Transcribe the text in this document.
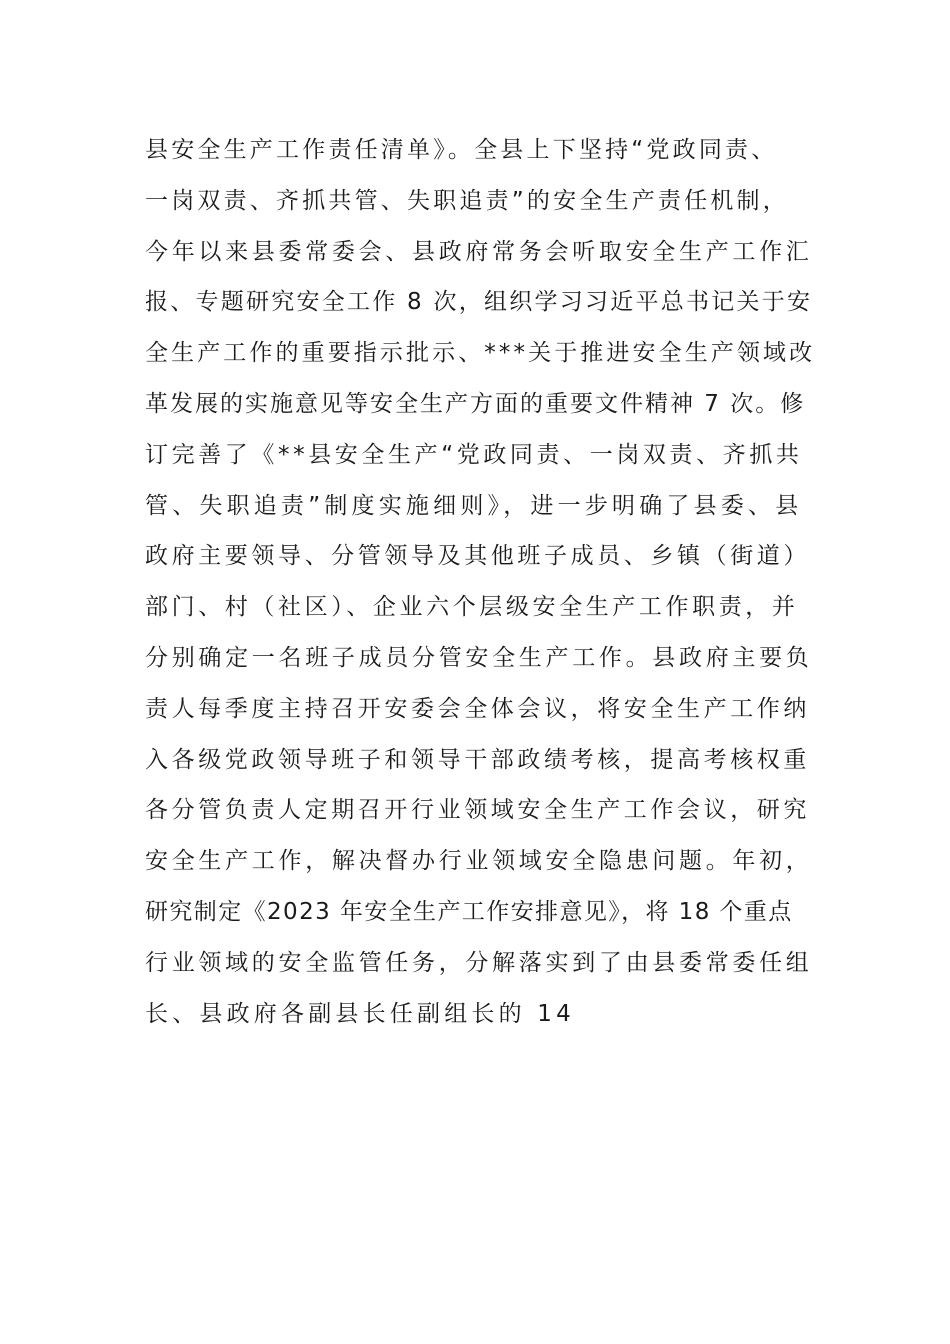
县安全生产工作责任清单》。全县上下坚持“党政同责、
一岗双责、齐抓共管、失职追责”的安全生产责任机制，
今年以来县委常委会、县政府常务会听取安全生产工作汇
报、专题研究安全工作 8 次，组织学习习近平总书记关于安
全生产工作的重要指示批示、***关于推进安全生产领域改
革发展的实施意见等安全生产方面的重要文件精神 7 次。修
订完善了《**县安全生产“党政同责、一岗双责、齐抓共
管、失职追责”制度实施细则》，进一步明确了县委、县
政府主要领导、分管领导及其他班子成员、乡镇（街道）
部门、村（社区）、企业六个层级安全生产工作职责，并
分别确定一名班子成员分管安全生产工作。县政府主要负
责人每季度主持召开安委会全体会议，将安全生产工作纳
入各级党政领导班子和领导干部政绩考核，提高考核权重
各分管负责人定期召开行业领域安全生产工作会议，研究
安全生产工作，解决督办行业领域安全隐患问题。年初，
研究制定《2023 年安全生产工作安排意见》，将 18 个重点
行业领域的安全监管任务，分解落实到了由县委常委任组
长、县政府各副县长任副组长的 14
